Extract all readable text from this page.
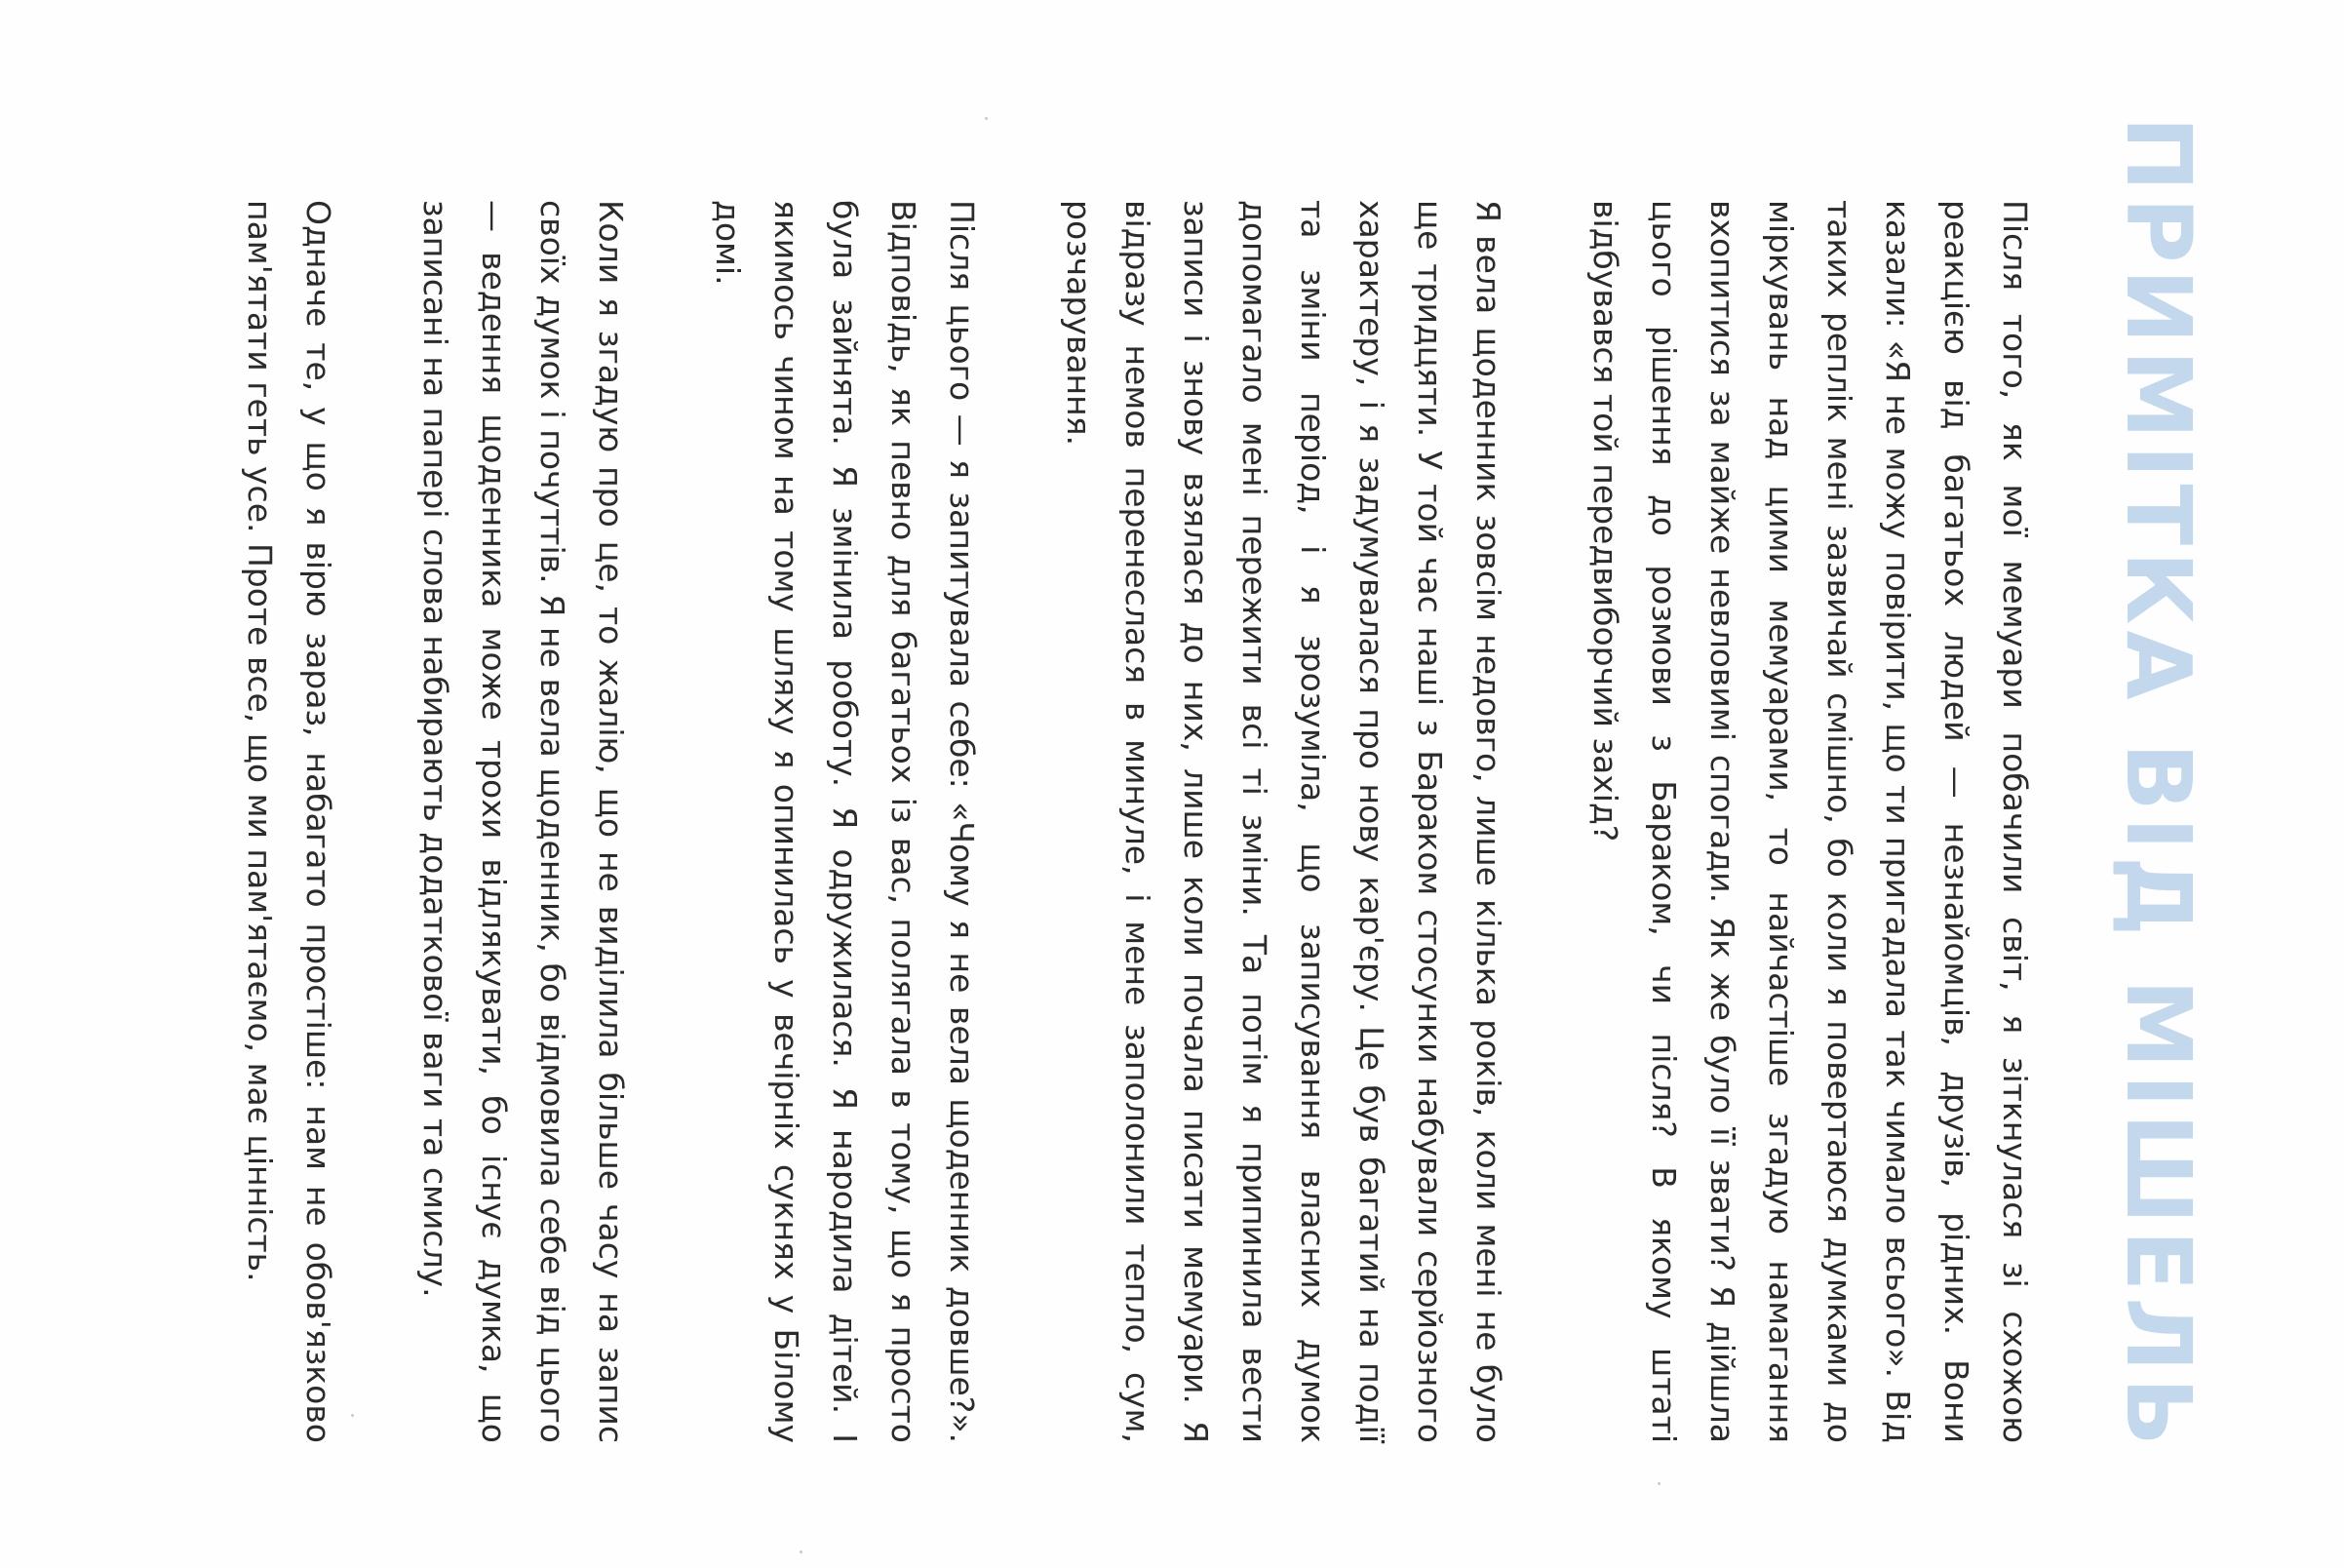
ПРИМІТКА ВІД МІШЕЛЬ

Після того, як мої мемуари побачили світ, я зіткнулася зі схожою реакцією від багатьох людей — незнайомців, друзів, рідних. Вони казали: «Я не можу повірити, що ти пригадала так чимало всього». Від таких реплік мені зазвичай смішно, бо коли я повертаюся думками до міркувань над цими мемуарами, то найчастіше згадую намагання вхопитися за майже невловимі спогади. Як же було її звати? Я дійшла цього рішення до розмови з Бараком, чи після? В якому штаті відбувався той передвиборчий захід?

Я вела щоденник зовсім недовго, лише кілька років, коли мені не було ще тридцяти. У той час наші з Бараком стосунки набували серйозного характеру, і я задумувалася про нову кар'єру. Це був багатий на події та зміни період, і я зрозуміла, що записування власних думок допомагало мені пережити всі ті зміни. Та потім я припинила вести записи і знову взялася до них, лише коли почала писати мемуари. Я відразу немов перенеслася в минуле, і мене заполонили тепло, сум, розчарування.

Після цього — я запитувала себе: «Чому я не вела щоденник довше?». Відповідь, як певно для багатьох із вас, полягала в тому, що я просто була зайнята. Я змінила роботу. Я одружилася. Я народила дітей. І якимось чином на тому шляху я опинилась у вечірніх сукнях у Білому домі.

Коли я згадую про це, то жалію, що не виділила більше часу на запис своїх думок і почуттів. Я не вела щоденник, бо відмовила себе від цього — ведення щоденника може трохи відлякувати, бо існує думка, що записані на папері слова набирають додаткової ваги та смислу.

Одначе те, у що я вірю зараз, набагато простіше: нам не обов'язково пам'ятати геть усе. Проте все, що ми пам'ятаємо, має цінність.
